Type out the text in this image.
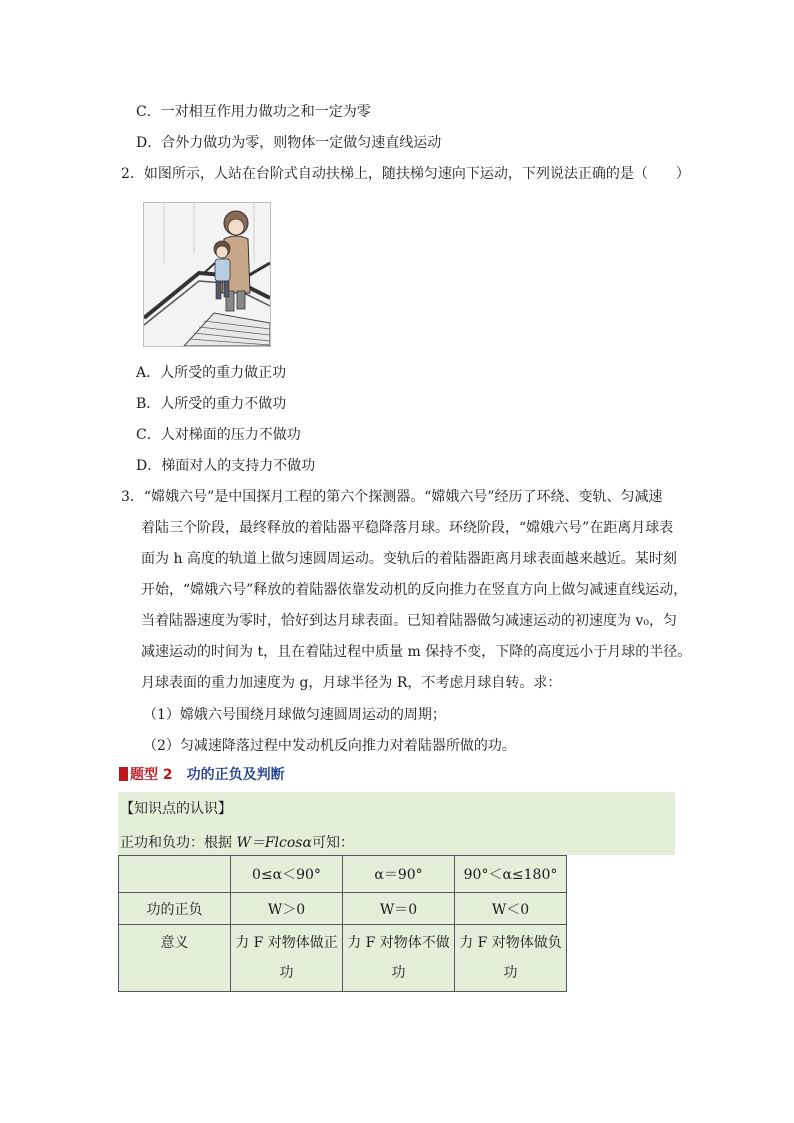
C．一对相互作用力做功之和一定为零
D．合外力做功为零，则物体一定做匀速直线运动
2．如图所示，人站在台阶式自动扶梯上，随扶梯匀速向下运动，下列说法正确的是（　　）
A．人所受的重力做正功
B．人所受的重力不做功
C．人对梯面的压力不做功
D．梯面对人的支持力不做功
3．“嫦娥六号”是中国探月工程的第六个探测器。“嫦娥六号”经历了环绕、变轨、匀减速
着陆三个阶段，最终释放的着陆器平稳降落月球。环绕阶段，“嫦娥六号”在距离月球表
面为 h 高度的轨道上做匀速圆周运动。变轨后的着陆器距离月球表面越来越近。某时刻
开始，“嫦娥六号”释放的着陆器依靠发动机的反向推力在竖直方向上做匀减速直线运动，
当着陆器速度为零时，恰好到达月球表面。已知着陆器做匀减速运动的初速度为 v₀，匀
减速运动的时间为 t，且在着陆过程中质量 m 保持不变，下降的高度远小于月球的半径。
月球表面的重力加速度为 g，月球半径为 R，不考虑月球自转。求：
（1）嫦娥六号围绕月球做匀速圆周运动的周期；
（2）匀减速降落过程中发动机反向推力对着陆器所做的功。
题型 2 功的正负及判断
【知识点的认识】
正功和负功：根据 W＝Flcosα可知：
	0≤α＜90°	α＝90°	90°＜α≤180°
功的正负	W＞0	W＝0	W＜0
意义	力 F 对物体做正功	力 F 对物体不做功	力 F 对物体做负功
